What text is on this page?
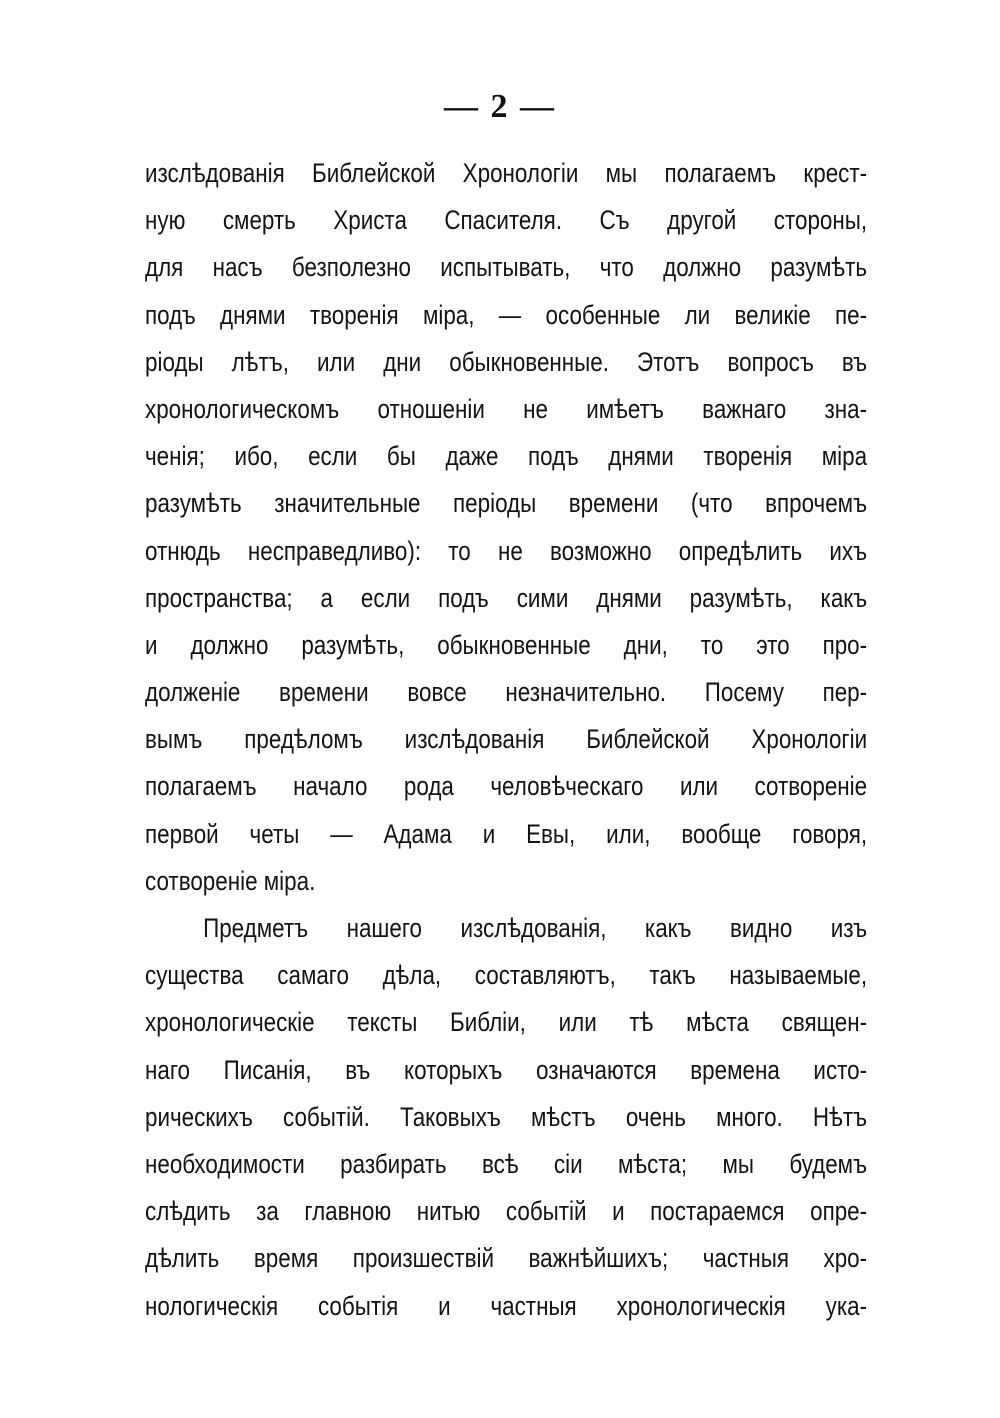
— 2 —
изслѣдованія Библейской Хронологіи мы полагаемъ крест-
ную смерть Христа Спасителя. Съ другой стороны,
для насъ безполезно испытывать, что должно разумѣть
подъ днями творенія міра, — особенные ли великіе пе-
ріоды лѣтъ, или дни обыкновенные. Этотъ вопросъ въ
хронологическомъ отношеніи не имѣетъ важнаго зна-
ченія; ибо, если бы даже подъ днями творенія міра
разумѣть значительные періоды времени (что впрочемъ
отнюдь несправедливо): то не возможно опредѣлить ихъ
пространства; а если подъ сими днями разумѣть, какъ
и должно разумѣть, обыкновенные дни, то это про-
долженіе времени вовсе незначительно. Посему пер-
вымъ предѣломъ изслѣдованія Библейской Хронологіи
полагаемъ начало рода человѣческаго или сотвореніе
первой четы — Адама и Евы, или, вообще говоря,
сотвореніе міра.
Предметъ нашего изслѣдованія, какъ видно изъ
существа самаго дѣла, составляютъ, такъ называемые,
хронологическіе тексты Библіи, или тѣ мѣста священ-
наго Писанія, въ которыхъ означаются времена исто-
рическихъ событій. Таковыхъ мѣстъ очень много. Нѣтъ
необходимости разбирать всѣ сіи мѣста; мы будемъ
слѣдить за главною нитью событій и постараемся опре-
дѣлить время произшествій важнѣйшихъ; частныя хро-
нологическія событія и частныя хронологическія ука-
